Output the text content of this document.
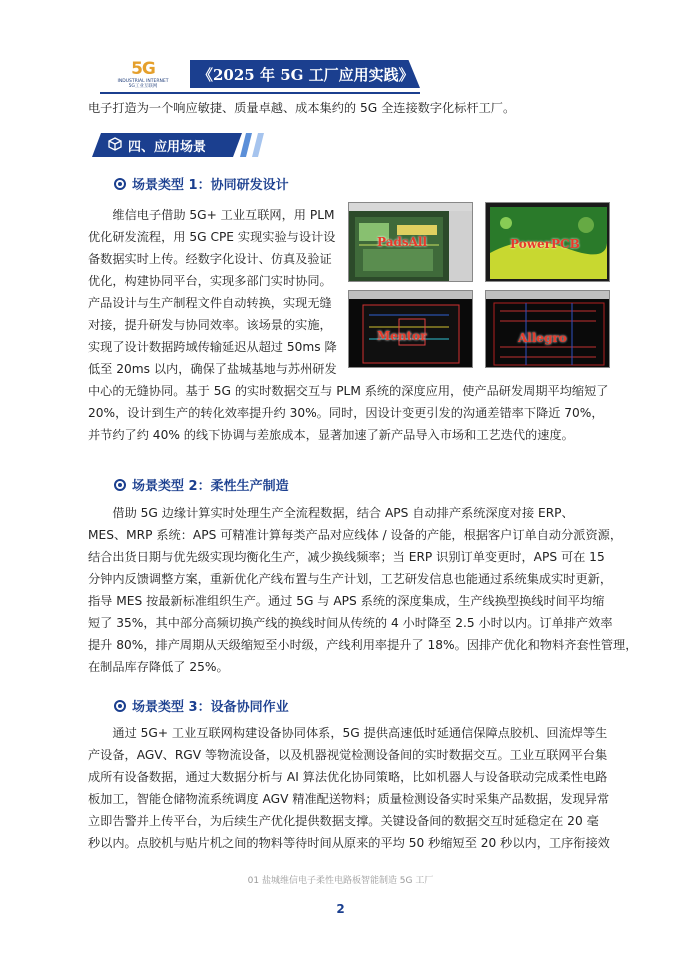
5G
INDUSTRIAL INTERNET
5G工业互联网
《2025 年 5G 工厂应用实践》
电子打造为一个响应敏捷、质量卓越、成本集约的 5G 全连接数字化标杆工厂。
四、应用场景
场景类型 1：协同研发设计
维信电子借助 5G+ 工业互联网，用 PLM
优化研发流程，用 5G CPE 实现实验与设计设
备数据实时上传。经数字化设计、仿真及验证
优化，构建协同平台，实现多部门实时协同。
产品设计与生产制程文件自动转换，实现无缝
对接，提升研发与协同效率。该场景的实施，
实现了设计数据跨域传输延迟从超过 50ms 降
低至 20ms 以内，确保了盐城基地与苏州研发
中心的无缝协同。基于 5G 的实时数据交互与 PLM 系统的深度应用，使产品研发周期平均缩短了
20%，设计到生产的转化效率提升约 30%。同时，因设计变更引发的沟通差错率下降近 70%，
并节约了约 40% 的线下协调与差旅成本，显著加速了新产品导入市场和工艺迭代的速度。
PadsAll	PowerPCB
Mentor	Allegro
场景类型 2：柔性生产制造
借助 5G 边缘计算实时处理生产全流程数据，结合 APS 自动排产系统深度对接 ERP、
MES、MRP 系统：APS 可精准计算每类产品对应线体 / 设备的产能，根据客户订单自动分派资源，
结合出货日期与优先级实现均衡化生产，减少换线频率；当 ERP 识别订单变更时，APS 可在 15
分钟内反馈调整方案，重新优化产线布置与生产计划，工艺研发信息也能通过系统集成实时更新，
指导 MES 按最新标准组织生产。通过 5G 与 APS 系统的深度集成，生产线换型换线时间平均缩
短了 35%，其中部分高频切换产线的换线时间从传统的 4 小时降至 2.5 小时以内。订单排产效率
提升 80%，排产周期从天级缩短至小时级，产线利用率提升了 18%。因排产优化和物料齐套性管理，
在制品库存降低了 25%。
场景类型 3：设备协同作业
通过 5G+ 工业互联网构建设备协同体系，5G 提供高速低时延通信保障点胶机、回流焊等生
产设备，AGV、RGV 等物流设备，以及机器视觉检测设备间的实时数据交互。工业互联网平台集
成所有设备数据，通过大数据分析与 AI 算法优化协同策略，比如机器人与设备联动完成柔性电路
板加工，智能仓储物流系统调度 AGV 精准配送物料；质量检测设备实时采集产品数据，发现异常
立即告警并上传平台，为后续生产优化提供数据支撑。关键设备间的数据交互时延稳定在 20 毫
秒以内。点胶机与贴片机之间的物料等待时间从原来的平均 50 秒缩短至 20 秒以内，工序衔接效
01 盐城维信电子柔性电路板智能制造 5G 工厂
2
